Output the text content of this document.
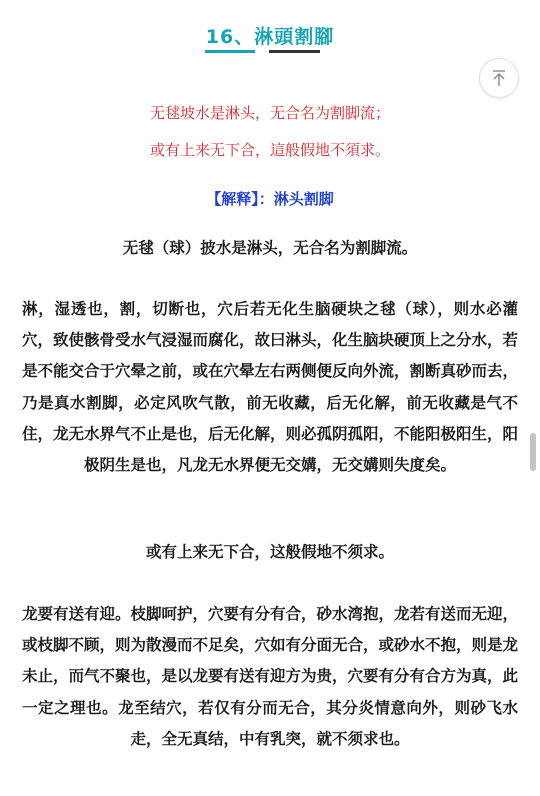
16、淋頭割腳
无毬坡水是淋头，无合名为割脚流；
或有上来无下合，這般假地不須求。
【解释】：淋头割脚
无毬（球）披水是淋头，无合名为割脚流。
淋，湿透也，割，切断也，穴后若无化生脑硬块之毬（球），则水必灌穴，致使骸骨受水气浸湿而腐化，故曰淋头，化生脑块硬顶上之分水，若是不能交合于穴晕之前，或在穴晕左右两侧便反向外流，割断真砂而去，乃是真水割脚，必定风吹气散，前无收藏，后无化解，前无收藏是气不住，龙无水界气不止是也，后无化解，则必孤阴孤阳，不能阳极阳生，阳极阴生是也，凡龙无水界便无交媾，无交媾则失度矣。
或有上来无下合，这般假地不须求。
龙要有送有迎。枝脚呵护，穴要有分有合，砂水湾抱，龙若有送而无迎，或枝脚不顾，则为散漫而不足矣，穴如有分面无合，或砂水不抱，则是龙未止，而气不聚也，是以龙要有送有迎方为贵，穴要有分有合方为真，此一定之理也。龙至结穴，若仅有分而无合，其分炎情意向外，则砂飞水走，全无真结，中有乳突，就不须求也。
